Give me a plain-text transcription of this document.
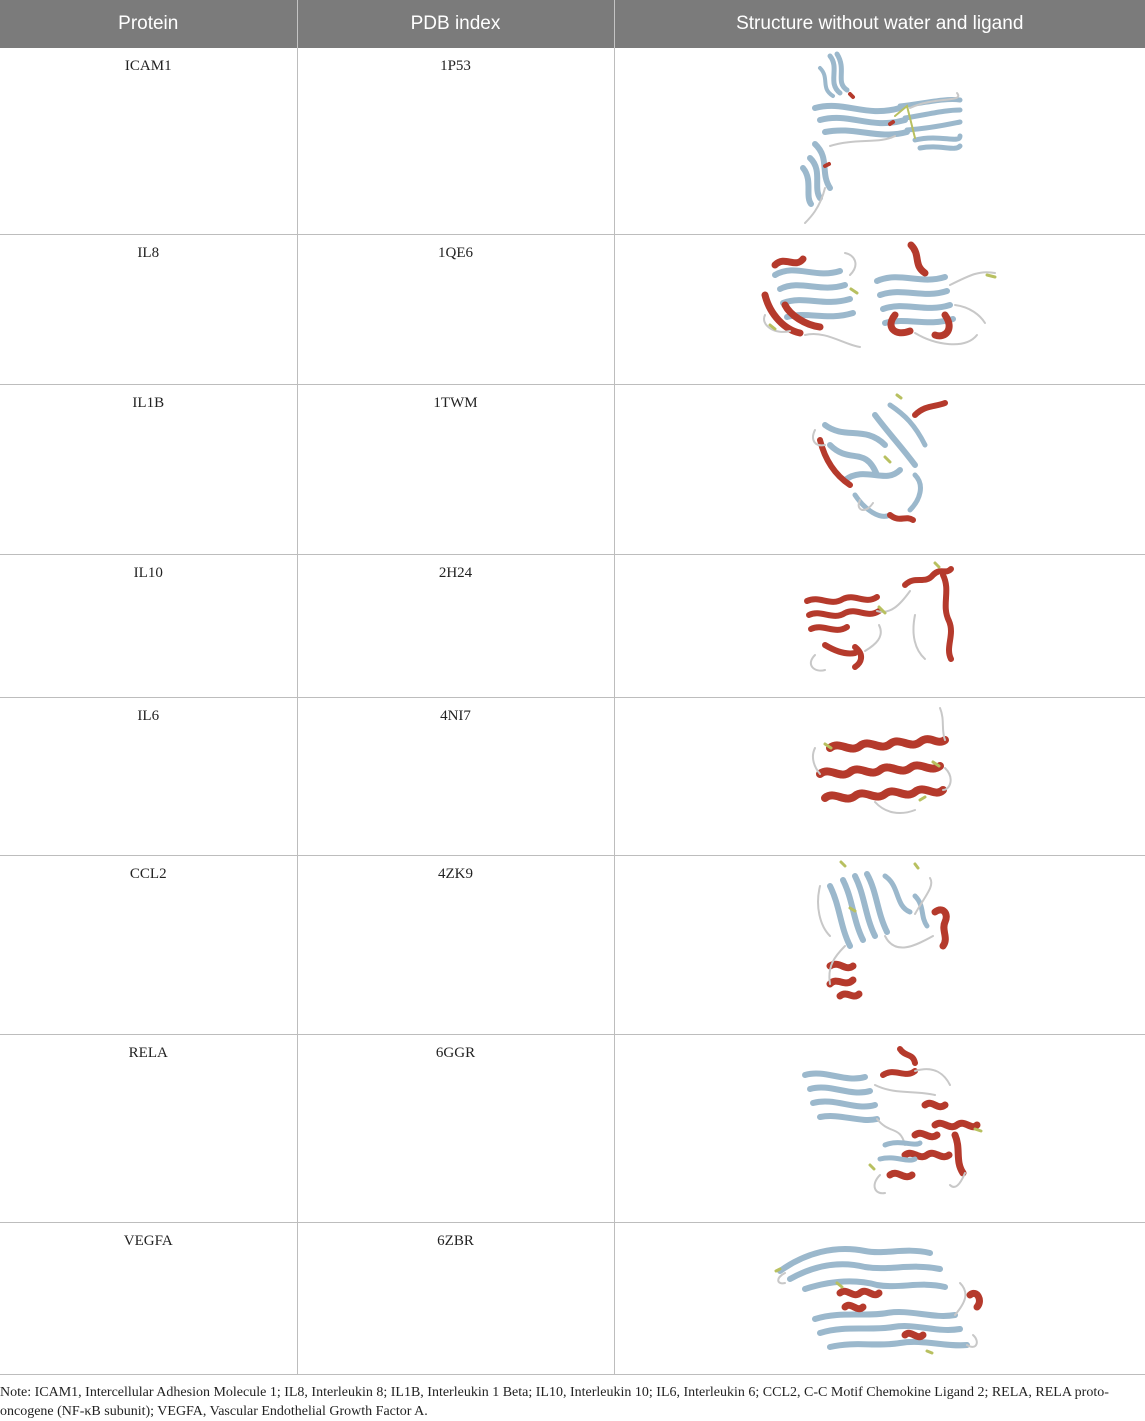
Protein	PDB index	Structure without water and ligand
ICAM1	1P53	

IL8	1QE6	

IL1B	1TWM	

IL10	2H24	

IL6	4NI7	

CCL2	4ZK9	

RELA	6GGR	

VEGFA	6ZBR	
Note: ICAM1, Intercellular Adhesion Molecule 1; IL8, Interleukin 8; IL1B, Interleukin 1 Beta; IL10, Interleukin 10; IL6, Interleukin 6; CCL2, C-C Motif Chemokine Ligand 2; RELA, RELA proto-oncogene (NF-κB subunit); VEGFA, Vascular Endothelial Growth Factor A.
